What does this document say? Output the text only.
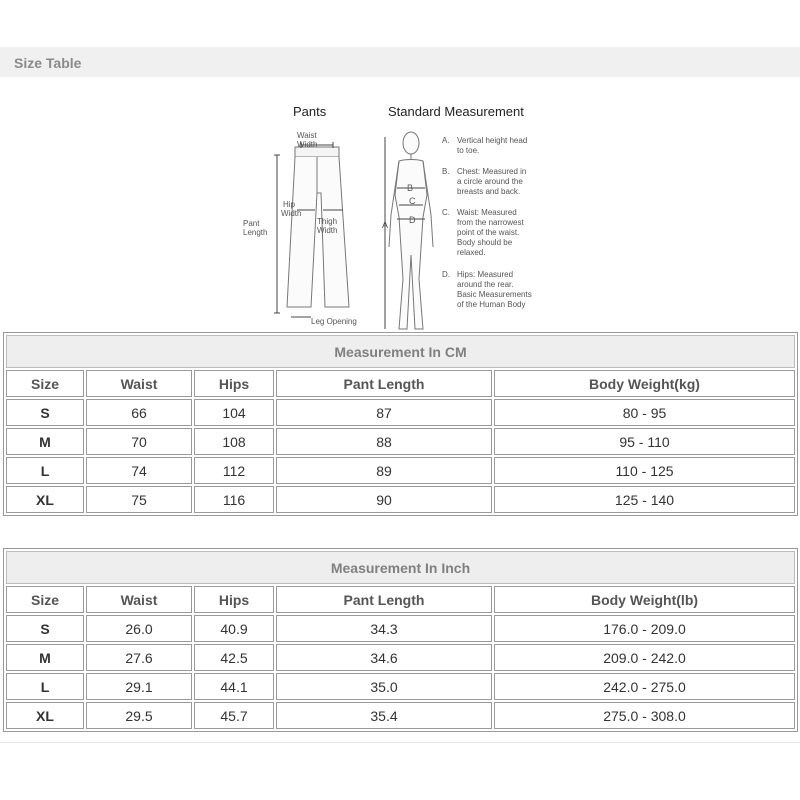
Size Table
Pants	Standard Measurement
Waist
Width
Hip
Width
Thigh
Width
Pant
Length
Leg Opening
A
B
C
D
A. Vertical height head
to toe.
B. Chest: Measured in
a circle around the
breasts and back.
C. Waist: Measured
from the narrowest
point of the waist.
Body should be
relaxed.
D. Hips: Measured
around the rear.
Basic Measurements
of the Human Body
Measurement In CM				
Size	Waist	Hips	Pant Length	Body Weight(kg)
S	66	104	87	80 - 95
M	70	108	88	95 - 110
L	74	112	89	110 - 125
XL	75	116	90	125 - 140
Measurement In Inch				
Size	Waist	Hips	Pant Length	Body Weight(lb)
S	26.0	40.9	34.3	176.0 - 209.0
M	27.6	42.5	34.6	209.0 - 242.0
L	29.1	44.1	35.0	242.0 - 275.0
XL	29.5	45.7	35.4	275.0 - 308.0
